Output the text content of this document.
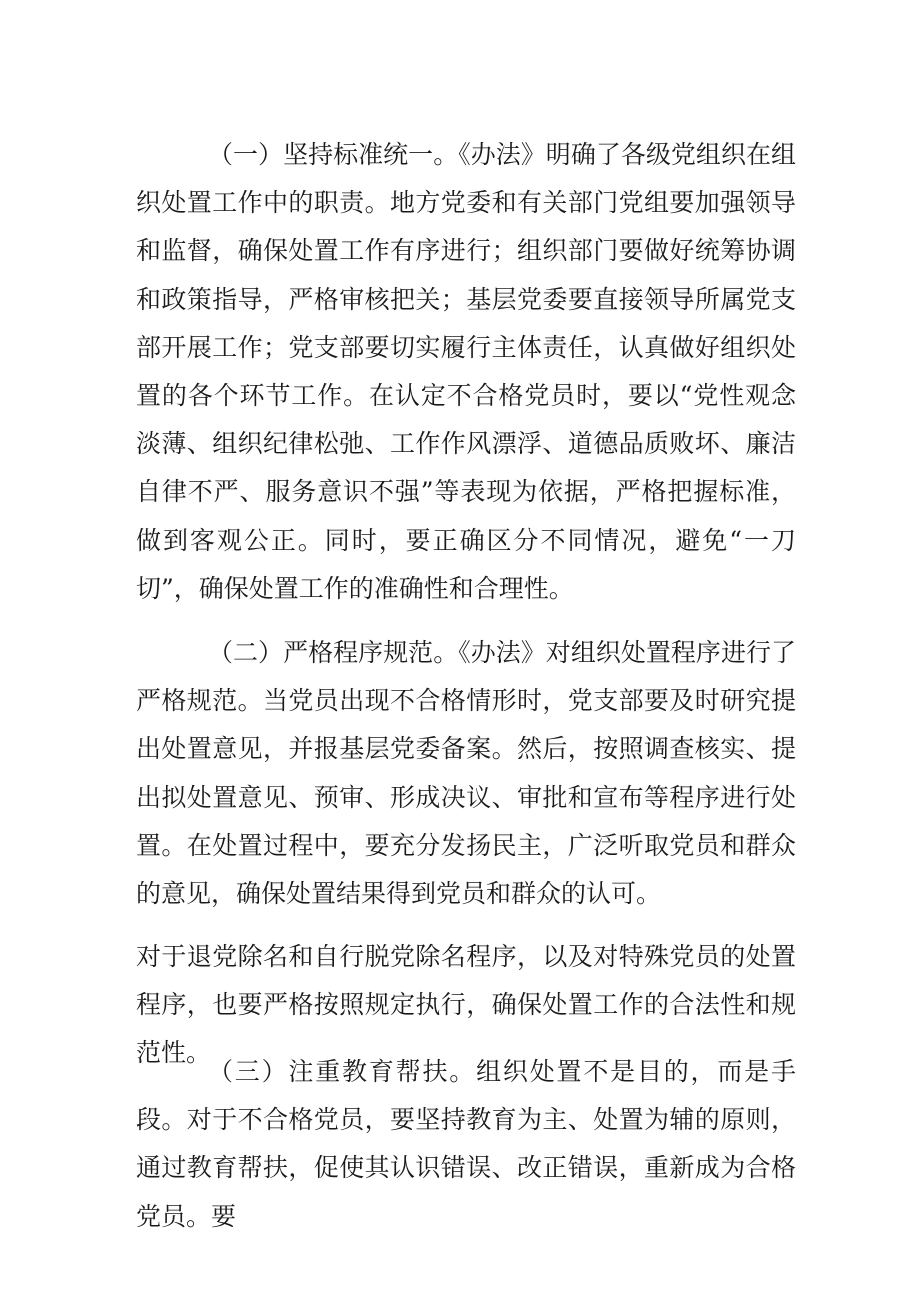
（一）坚持标准统一。《办法》明确了各级党组织在组织处置工作中的职责。地方党委和有关部门党组要加强领导和监督，确保处置工作有序进行；组织部门要做好统筹协调和政策指导，严格审核把关；基层党委要直接领导所属党支部开展工作；党支部要切实履行主体责任，认真做好组织处置的各个环节工作。在认定不合格党员时，要以“党性观念淡薄、组织纪律松弛、工作作风漂浮、道德品质败坏、廉洁自律不严、服务意识不强”等表现为依据，严格把握标准，做到客观公正。同时，要正确区分不同情况，避免“一刀切”，确保处置工作的准确性和合理性。

（二）严格程序规范。《办法》对组织处置程序进行了严格规范。当党员出现不合格情形时，党支部要及时研究提出处置意见，并报基层党委备案。然后，按照调查核实、提出拟处置意见、预审、形成决议、审批和宣布等程序进行处置。在处置过程中，要充分发扬民主，广泛听取党员和群众的意见，确保处置结果得到党员和群众的认可。

对于退党除名和自行脱党除名程序，以及对特殊党员的处置程序，也要严格按照规定执行，确保处置工作的合法性和规范性。

（三）注重教育帮扶。组织处置不是目的，而是手段。对于不合格党员，要坚持教育为主、处置为辅的原则，通过教育帮扶，促使其认识错误、改正错误，重新成为合格党员。要
